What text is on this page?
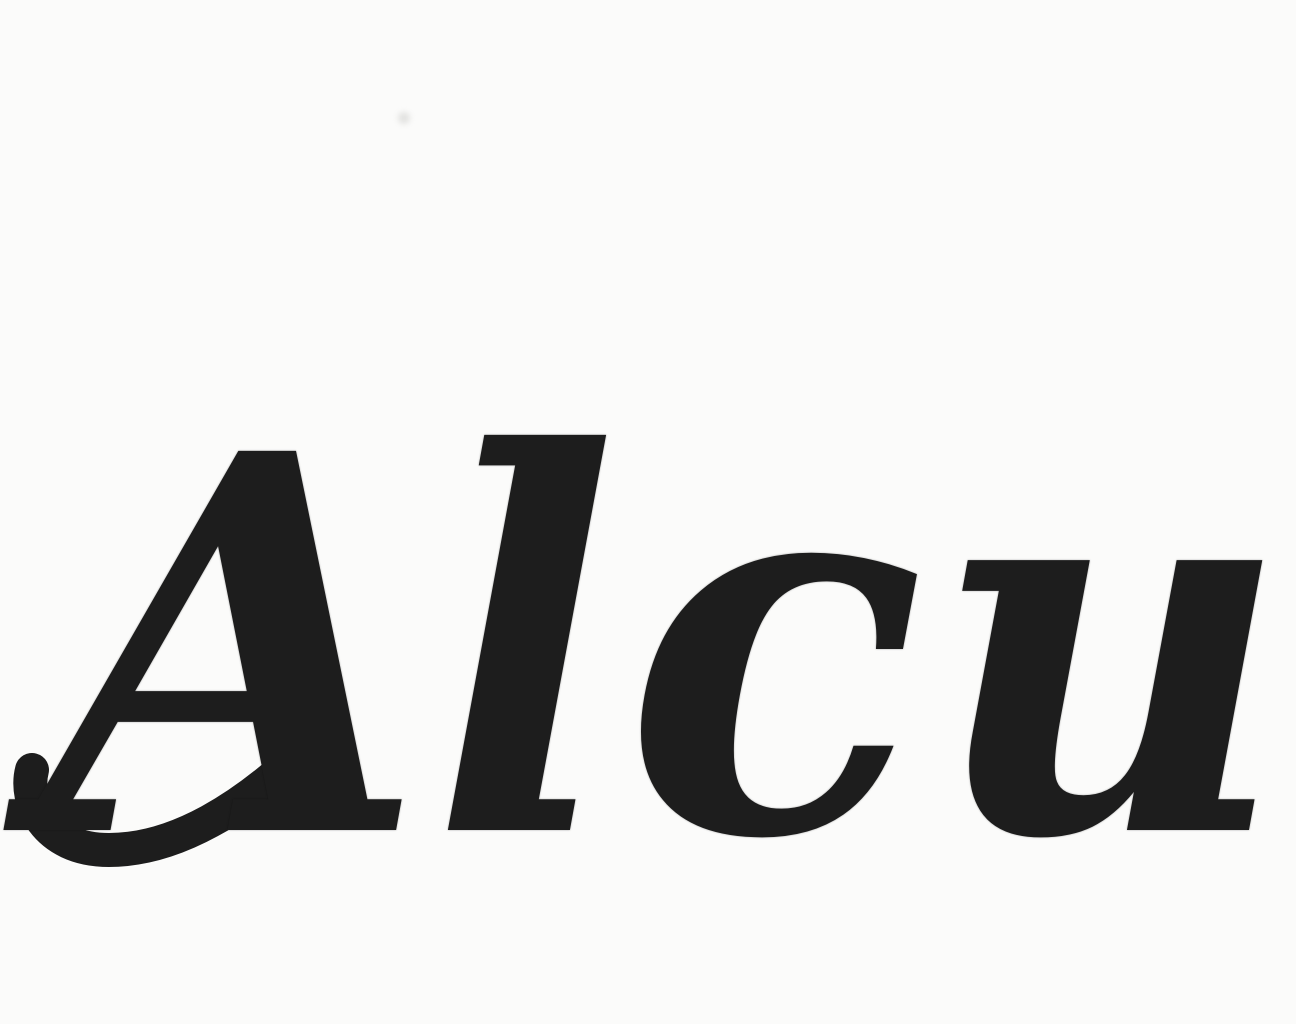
Alcu
